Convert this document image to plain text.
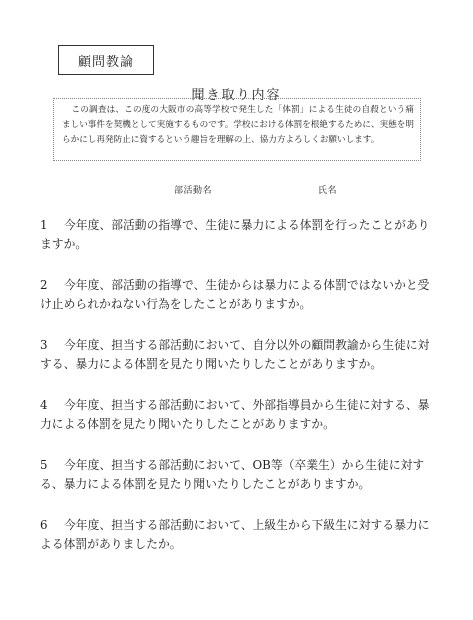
顧問教論
聞き取り内容
この調査は、この度の大阪市の高等学校で発生した「体罰」による生徒の自殺という痛ましい事件を契機として実施するものです。学校における体罰を根絶するために、実態を明らかにし再発防止に資するという趣旨を理解の上、協力方よろしくお願いします。
部活動名	氏名
1 今年度、部活動の指導で、生徒に暴力による体罰を行ったことがありますか。
2 今年度、部活動の指導で、生徒からは暴力による体罰ではないかと受け止められかねない行為をしたことがありますか。
3 今年度、担当する部活動において、自分以外の顧問教諭から生徒に対する、暴力による体罰を見たり聞いたりしたことがありますか。
4 今年度、担当する部活動において、外部指導員から生徒に対する、暴力による体罰を見たり聞いたりしたことがありますか。
5 今年度、担当する部活動において、OB等（卒業生）から生徒に対する、暴力による体罰を見たり聞いたりしたことがありますか。
6 今年度、担当する部活動において、上級生から下級生に対する暴力による体罰がありましたか。
